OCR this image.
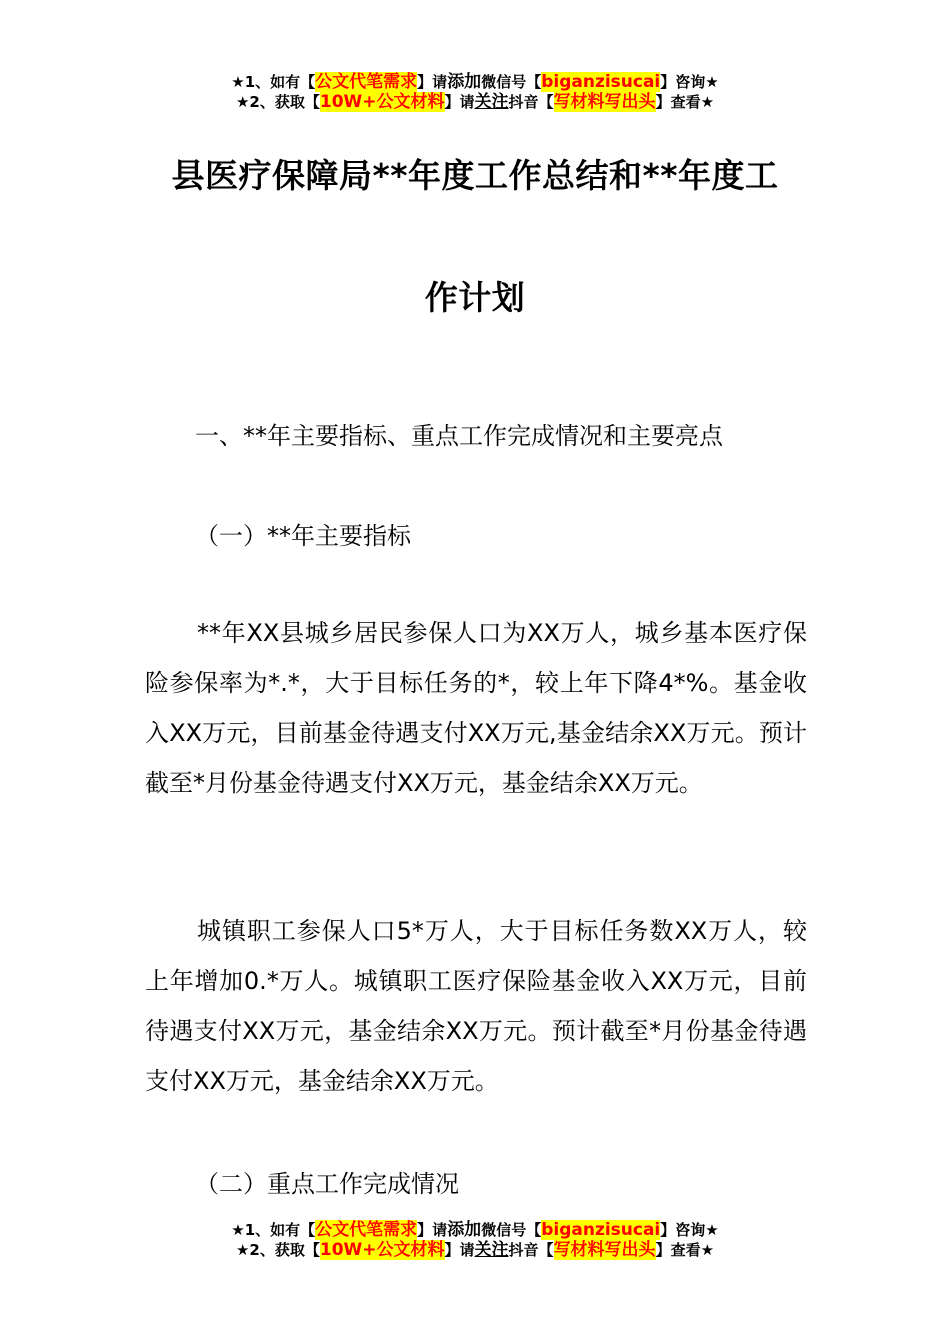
★1、如有【公文代笔需求】请添加微信号【biganzisucai】咨询★
★2、获取【10W+公文材料】请关注抖音【写材料写出头】查看★
县医疗保障局**年度工作总结和**年度工
作计划
一、**年主要指标、重点工作完成情况和主要亮点
（一）**年主要指标
**年XX县城乡居民参保人口为XX万人，城乡基本医疗保险参保率为*.*，大于目标任务的*，较上年下降4*%。基金收入XX万元，目前基金待遇支付XX万元,基金结余XX万元。预计截至*月份基金待遇支付XX万元，基金结余XX万元。
城镇职工参保人口5*万人，大于目标任务数XX万人，较上年增加0.*万人。城镇职工医疗保险基金收入XX万元，目前待遇支付XX万元，基金结余XX万元。预计截至*月份基金待遇支付XX万元，基金结余XX万元。
（二）重点工作完成情况
★1、如有【公文代笔需求】请添加微信号【biganzisucai】咨询★
★2、获取【10W+公文材料】请关注抖音【写材料写出头】查看★
